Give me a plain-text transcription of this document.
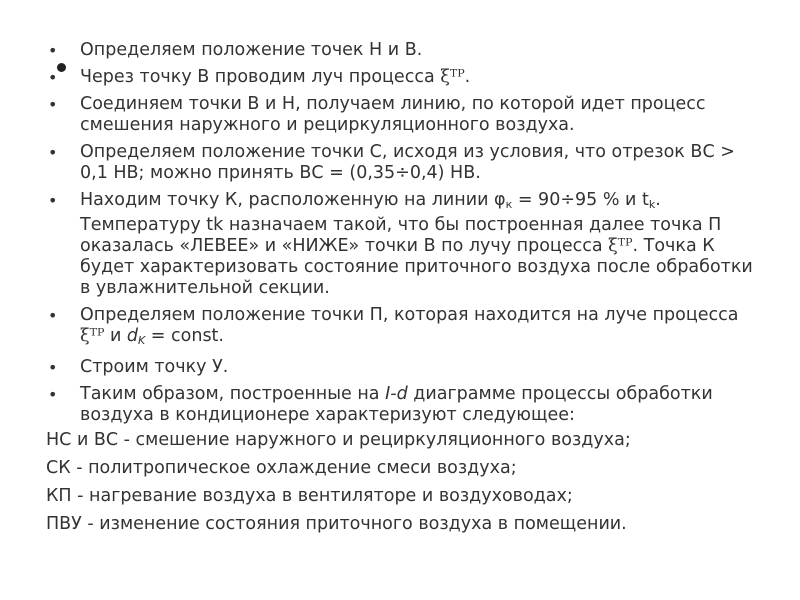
• Определяем положение точек Н и В.
• Через точку В проводим луч процесса ξᵀᴾ.
• Соединяем точки В и Н, получаем линию, по которой идет процесс смешения наружного и рециркуляционного воздуха.
• Определяем положение точки С, исходя из условия, что отрезок ВС > 0,1 НВ; можно принять ВС = (0,35÷0,4) НВ.
• Находим точку К, расположенную на линии $\varphi_к = 90\div 95$ % и $t_k$. Температуру tk назначаем такой, что бы построенная далее точка П оказалась «ЛЕВЕЕ» и «НИЖЕ» точки В по лучу процесса ξᵀᴾ. Точка К будет характеризовать состояние приточного воздуха после обработки в увлажнительной секции.
• Определяем положение точки П, которая находится на луче процесса ξᵀᴾ и $d_K$ = const.
• Строим точку У.
• Таким образом, построенные на I-d диаграмме процессы обработки воздуха в кондиционере характеризуют следующее:

НС и ВС - смешение наружного и рециркуляционного воздуха;

СК - политропическое охлаждение смеси воздуха;

КП - нагревание воздуха в вентиляторе и воздуховодах;

ПВУ - изменение состояния приточного воздуха в помещении.
